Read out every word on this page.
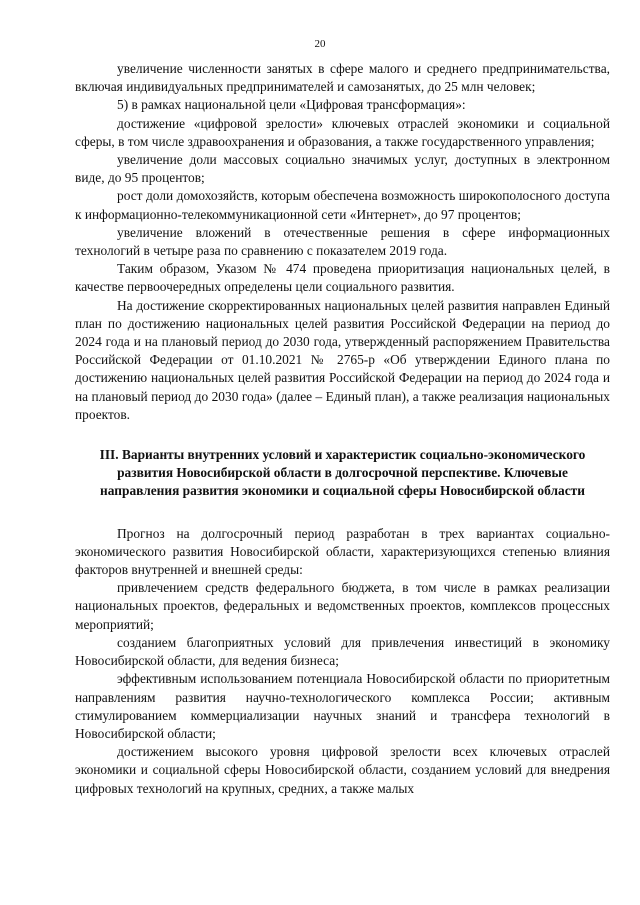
20

увеличение численности занятых в сфере малого и среднего предпринимательства, включая индивидуальных предпринимателей и самозанятых, до 25 млн человек;

5) в рамках национальной цели «Цифровая трансформация»:

достижение «цифровой зрелости» ключевых отраслей экономики и социальной сферы, в том числе здравоохранения и образования, а также государственного управления;

увеличение доли массовых социально значимых услуг, доступных в электронном виде, до 95 процентов;

рост доли домохозяйств, которым обеспечена возможность широкополосного доступа к информационно-телекоммуникационной сети «Интернет», до 97 процентов;

увеличение вложений в отечественные решения в сфере информационных технологий в четыре раза по сравнению с показателем 2019 года.

Таким образом, Указом № 474 проведена приоритизация национальных целей, в качестве первоочередных определены цели социального развития.

На достижение скорректированных национальных целей развития направлен Единый план по достижению национальных целей развития Российской Федерации на период до 2024 года и на плановый период до 2030 года, утвержденный распоряжением Правительства Российской Федерации от 01.10.2021 № 2765-р «Об утверждении Единого плана по достижению национальных целей развития Российской Федерации на период до 2024 года и на плановый период до 2030 года» (далее – Единый план), а также реализация национальных проектов.

III. Варианты внутренних условий и характеристик социально-экономического развития Новосибирской области в долгосрочной перспективе. Ключевые направления развития экономики и социальной сферы Новосибирской области

Прогноз на долгосрочный период разработан в трех вариантах социально-экономического развития Новосибирской области, характеризующихся степенью влияния факторов внутренней и внешней среды:

привлечением средств федерального бюджета, в том числе в рамках реализации национальных проектов, федеральных и ведомственных проектов, комплексов процессных мероприятий;

созданием благоприятных условий для привлечения инвестиций в экономику Новосибирской области, для ведения бизнеса;

эффективным использованием потенциала Новосибирской области по приоритетным направлениям развития научно-технологического комплекса России; активным стимулированием коммерциализации научных знаний и трансфера технологий в Новосибирской области;

достижением высокого уровня цифровой зрелости всех ключевых отраслей экономики и социальной сферы Новосибирской области, созданием условий для внедрения цифровых технологий на крупных, средних, а также малых
